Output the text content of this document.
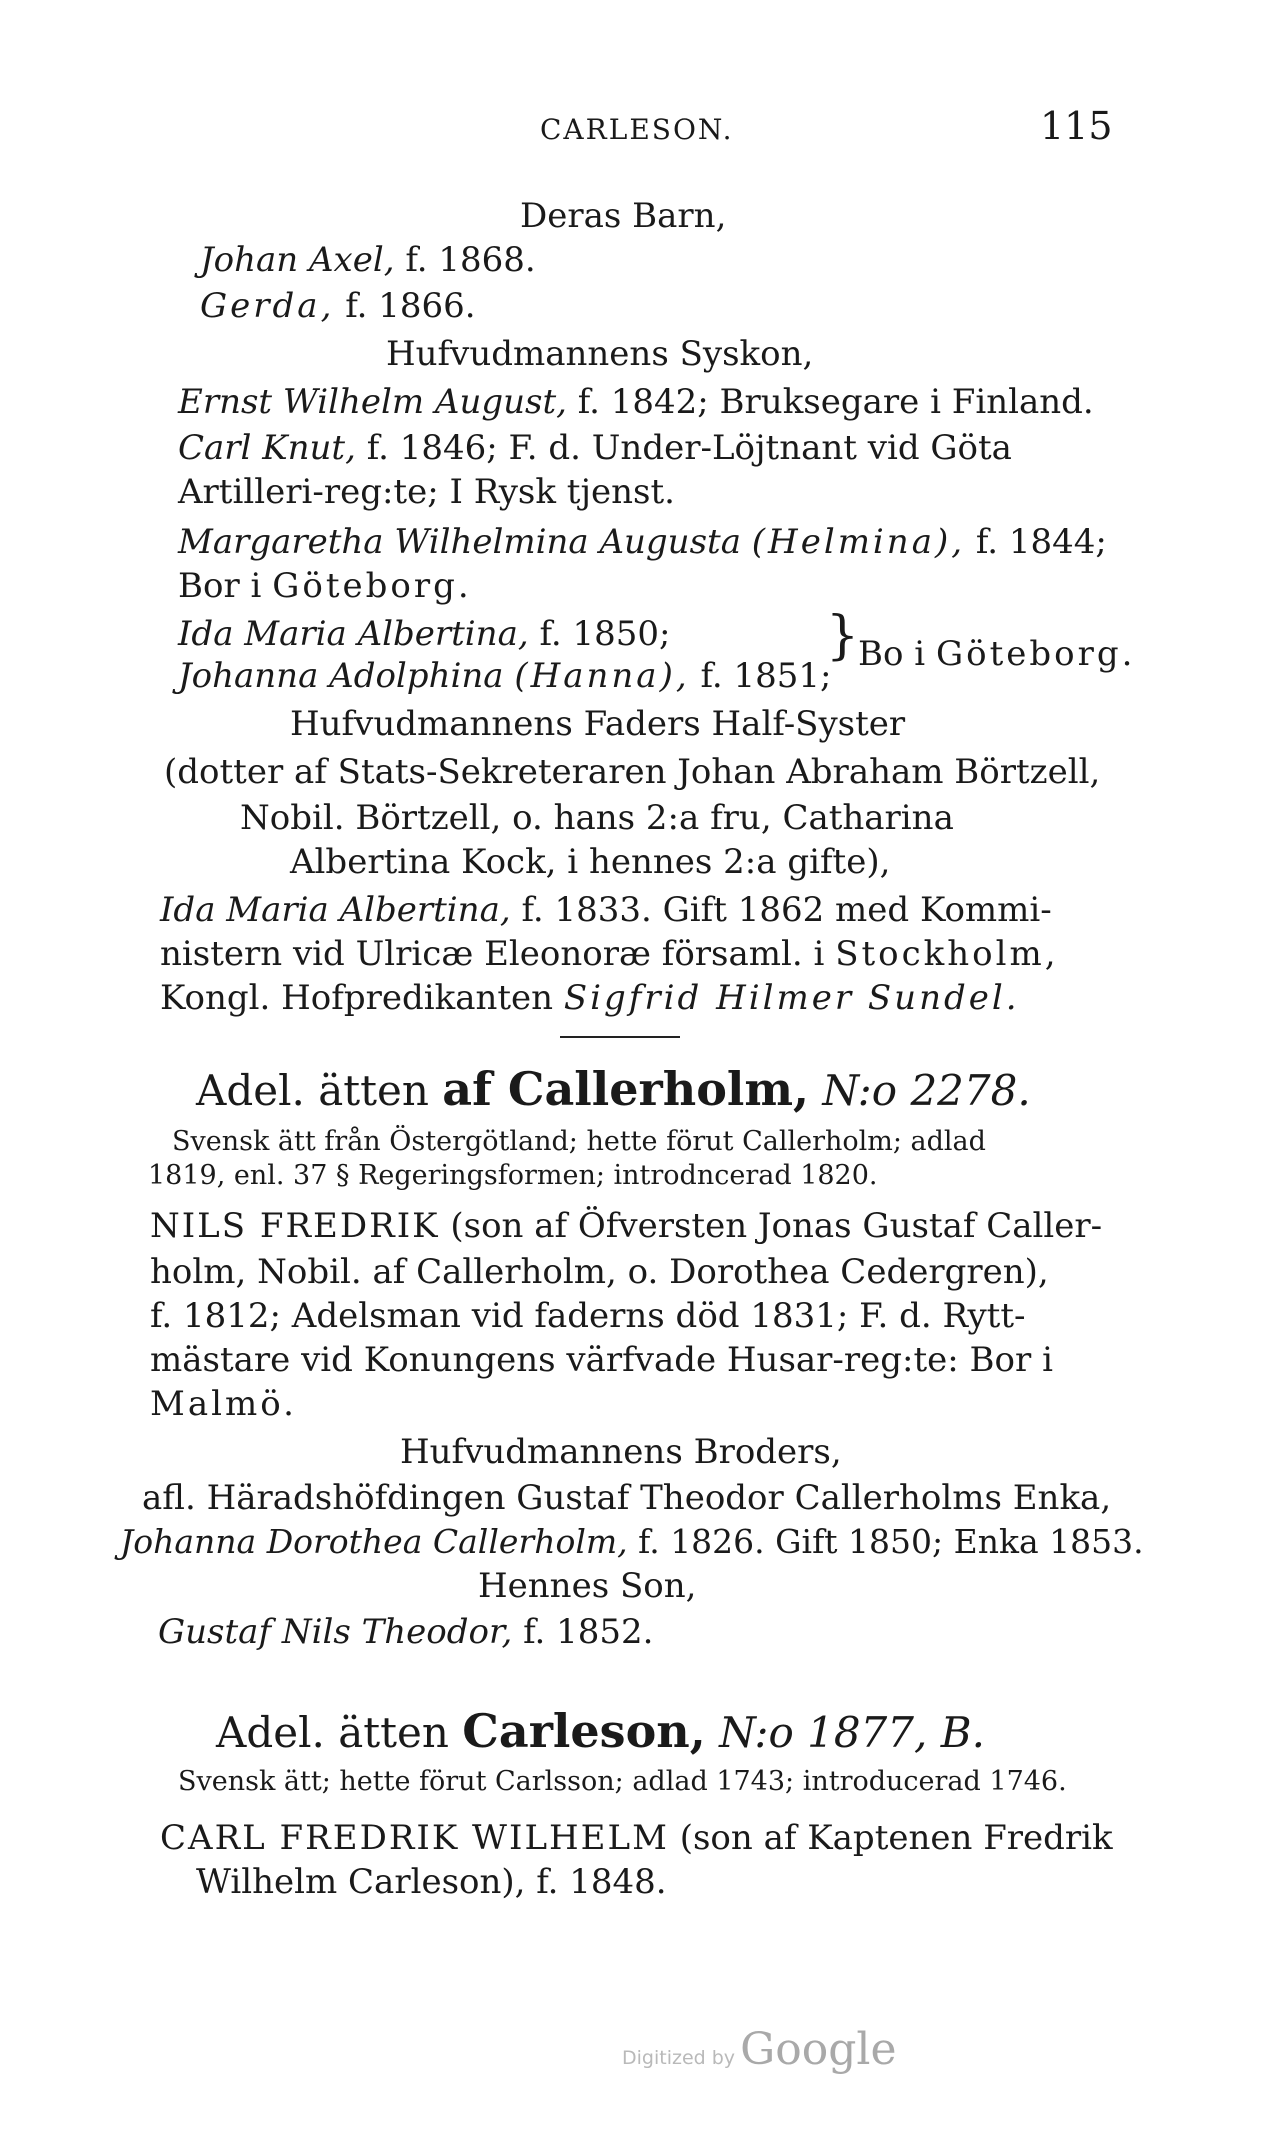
CARLESON.	115
Deras Barn,
Johan Axel, f. 1868.
Gerda, f. 1866.
Hufvudmannens Syskon,
Ernst Wilhelm August, f. 1842; Bruksegare i Finland.
Carl Knut, f. 1846; F. d. Under-Löjtnant vid Göta
Artilleri-reg:te; I Rysk tjenst.
Margaretha Wilhelmina Augusta (Helmina), f. 1844;
Bor i Göteborg.
Ida Maria Albertina, f. 1850;
Johanna Adolphina (Hanna), f. 1851;
}
Bo i Göteborg.
Hufvudmannens Faders Half-Syster
(dotter af Stats-Sekreteraren Johan Abraham Börtzell,
Nobil. Börtzell, o. hans 2:a fru, Catharina
Albertina Kock, i hennes 2:a gifte),
Ida Maria Albertina, f. 1833. Gift 1862 med Kommi-
nistern vid Ulricæ Eleonoræ församl. i Stockholm,
Kongl. Hofpredikanten Sigfrid Hilmer Sundel.
Adel. ätten af Callerholm, N:o 2278.
Svensk ätt från Östergötland; hette förut Callerholm; adlad
1819, enl. 37 § Regeringsformen; introdncerad 1820.
NILS FREDRIK (son af Öfversten Jonas Gustaf Caller-
holm, Nobil. af Callerholm, o. Dorothea Cedergren),
f. 1812; Adelsman vid faderns död 1831; F. d. Rytt-
mästare vid Konungens värfvade Husar-reg:te: Bor i
Malmö.
Hufvudmannens Broders,
afl. Häradshöfdingen Gustaf Theodor Callerholms Enka,
Johanna Dorothea Callerholm, f. 1826. Gift 1850; Enka 1853.
Hennes Son,
Gustaf Nils Theodor, f. 1852.
Adel. ätten Carleson, N:o 1877, B.
Svensk ätt; hette förut Carlsson; adlad 1743; introducerad 1746.
CARL FREDRIK WILHELM (son af Kaptenen Fredrik
Wilhelm Carleson), f. 1848.
Digitized by Google
